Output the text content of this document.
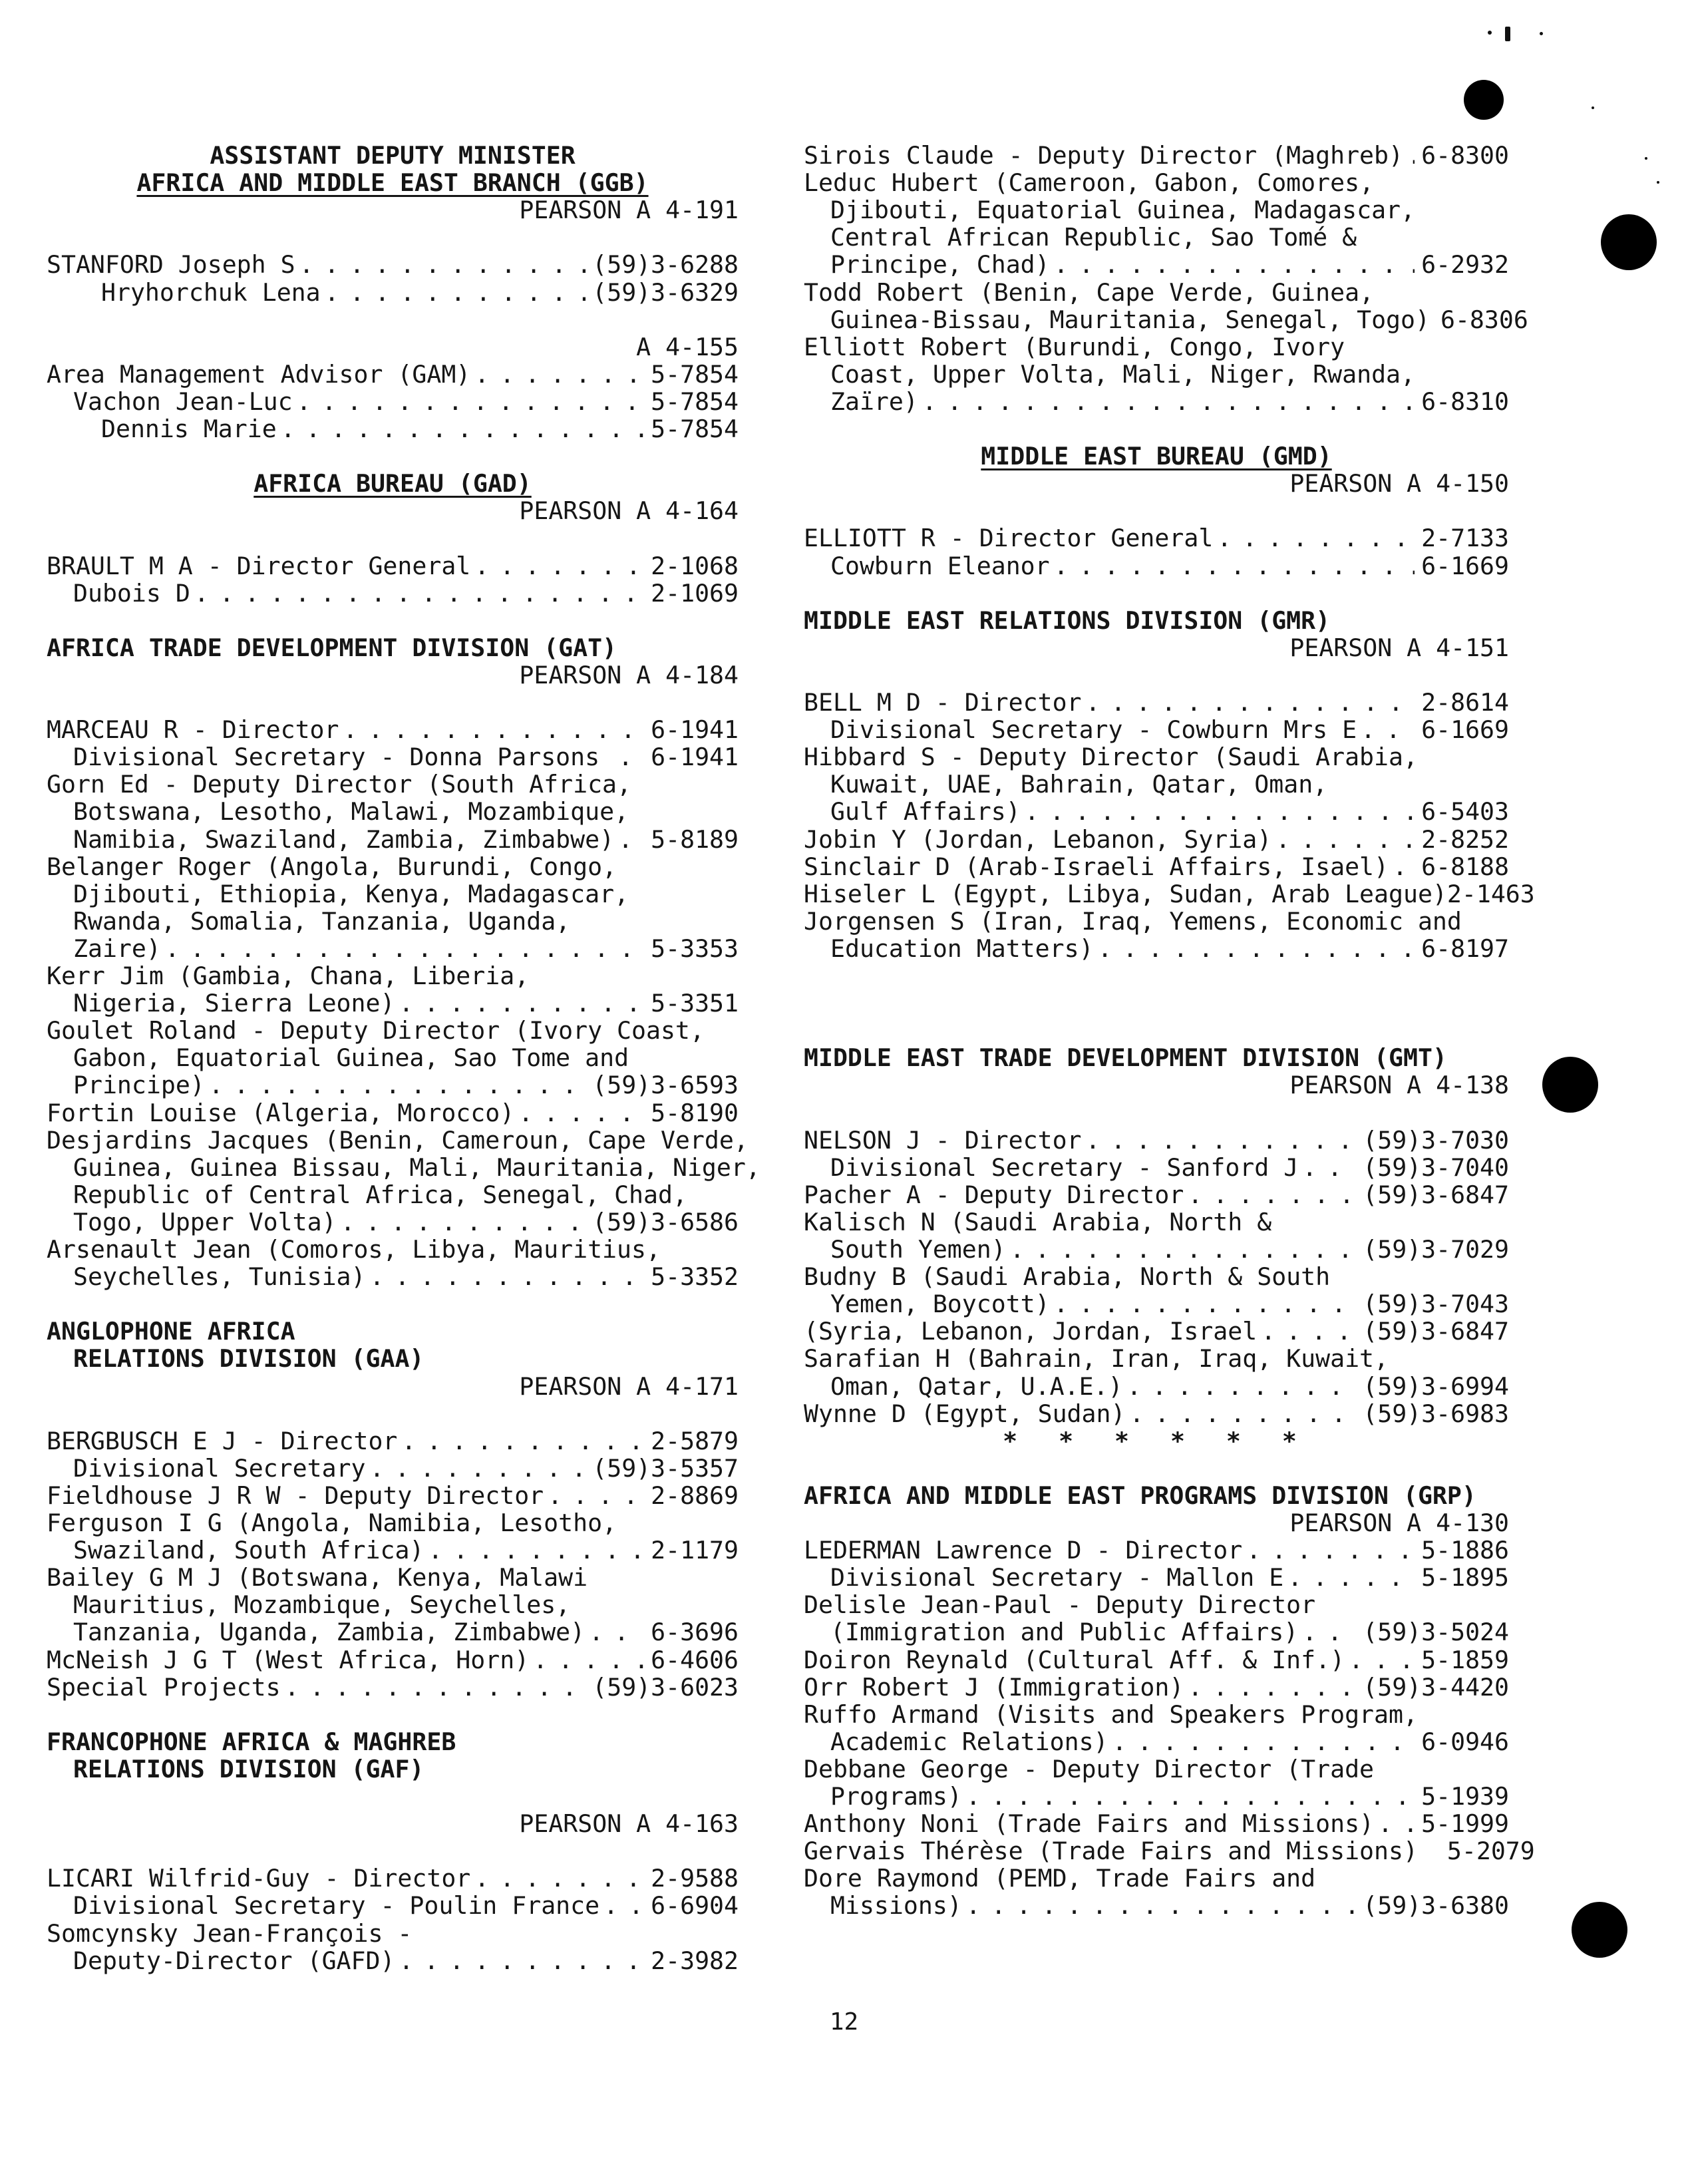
ASSISTANT DEPUTY MINISTER
AFRICA AND MIDDLE EAST BRANCH (GGB)
PEARSON A 4-191
STANFORD Joseph S . . .	(59)3-6288
Hryhorchuk Lena . . .	(59)3-6329
A 4-155
Area Management Advisor (GAM) . . .	5-7854
Vachon Jean-Luc . . .	5-7854
Dennis Marie . . .	5-7854
AFRICA BUREAU (GAD)
PEARSON A 4-164
BRAULT M A - Director General . . .	2-1068
Dubois D . . .	2-1069
AFRICA TRADE DEVELOPMENT DIVISION (GAT)
PEARSON A 4-184
MARCEAU R - Director . . .	6-1941
Divisional Secretary - Donna Parsons . . . 6-1941
Gorn Ed - Deputy Director (South Africa,
Botswana, Lesotho, Malawi, Mozambique,
Namibia, Swaziland, Zambia, Zimbabwe) . . . 5-8189
Belanger Roger (Angola, Burundi, Congo,
Djibouti, Ethiopia, Kenya, Madagascar,
Rwanda, Somalia, Tanzania, Uganda,
Zaire) . . .	5-3353
Kerr Jim (Gambia, Chana, Liberia,
Nigeria, Sierra Leone) . . .	5-3351
Goulet Roland - Deputy Director (Ivory Coast,
Gabon, Equatorial Guinea, Sao Tome and
Principe) . . .	(59)3-6593
Fortin Louise (Algeria, Morocco) . . .	5-8190
Desjardins Jacques (Benin, Cameroun, Cape Verde,
Guinea, Guinea Bissau, Mali, Mauritania, Niger,
Republic of Central Africa, Senegal, Chad,
Togo, Upper Volta) . . .	(59)3-6586
Arsenault Jean (Comoros, Libya, Mauritius,
Seychelles, Tunisia) . . .	5-3352
ANGLOPHONE AFRICA
RELATIONS DIVISION (GAA)
PEARSON A 4-171
BERGBUSCH E J - Director . . .	2-5879
Divisional Secretary . . .	(59)3-5357
Fieldhouse J R W - Deputy Director . . .	2-8869
Ferguson I G (Angola, Namibia, Lesotho,
Swaziland, South Africa) . . .	2-1179
Bailey G M J (Botswana, Kenya, Malawi
Mauritius, Mozambique, Seychelles,
Tanzania, Uganda, Zambia, Zimbabwe) . . .	6-3696
McNeish J G T (West Africa, Horn) . . .	6-4606
Special Projects . . .	(59)3-6023
FRANCOPHONE AFRICA & MAGHREB
RELATIONS DIVISION (GAF)
PEARSON A 4-163
LICARI Wilfrid-Guy - Director . . .	2-9588
Divisional Secretary - Poulin France . . . 6-6904
Somcynsky Jean-François -
Deputy-Director (GAFD) . . .	2-3982
Sirois Claude - Deputy Director (Maghreb) . . . 6-8300
Leduc Hubert (Cameroon, Gabon, Comores,
Djibouti, Equatorial Guinea, Madagascar,
Central African Republic, Sao Tomé &
Principe, Chad) . . .	6-2932
Todd Robert (Benin, Cape Verde, Guinea,
Guinea-Bissau, Mauritania, Senegal, Togo) . . . 6-8306
Elliott Robert (Burundi, Congo, Ivory
Coast, Upper Volta, Mali, Niger, Rwanda,
Zaïre) . . .	6-8310
MIDDLE EAST BUREAU (GMD)
PEARSON A 4-150
ELLIOTT R - Director General . . .	2-7133
Cowburn Eleanor . . .	6-1669
MIDDLE EAST RELATIONS DIVISION (GMR)
PEARSON A 4-151
BELL M D - Director . . .	2-8614
Divisional Secretary - Cowburn Mrs E . . .	6-1669
Hibbard S - Deputy Director (Saudi Arabia,
Kuwait, UAE, Bahrain, Qatar, Oman,
Gulf Affairs) . . .	6-5403
Jobin Y (Jordan, Lebanon, Syria) . . .	2-8252
Sinclair D (Arab-Israeli Affairs, Isael) . . . 6-8188
Hiseler L (Egypt, Libya, Sudan, Arab League)2-1463
Jorgensen S (Iran, Iraq, Yemens, Economic and
Education Matters) . . .	6-8197
MIDDLE EAST TRADE DEVELOPMENT DIVISION (GMT)
PEARSON A 4-138
NELSON J - Director . . .	(59)3-7030
Divisional Secretary - Sanford J . . .	(59)3-7040
Pacher A - Deputy Director . . .	(59)3-6847
Kalisch N (Saudi Arabia, North &
South Yemen) . . .	(59)3-7029
Budny B (Saudi Arabia, North & South
Yemen, Boycott) . . .	(59)3-7043
(Syria, Lebanon, Jordan, Israel . . .	(59)3-6847
Sarafian H (Bahrain, Iran, Iraq, Kuwait,
Oman, Qatar, U.A.E.) . . .	(59)3-6994
Wynne D (Egypt, Sudan) . . .	(59)3-6983
* * * * * *
AFRICA AND MIDDLE EAST PROGRAMS DIVISION (GRP)
PEARSON A 4-130
LEDERMAN Lawrence D - Director . . .	5-1886
Divisional Secretary - Mallon E . . .	5-1895
Delisle Jean-Paul - Deputy Director
(Immigration and Public Affairs) . . .	(59)3-5024
Doiron Reynald (Cultural Aff. & Inf.) . . .	5-1859
Orr Robert J (Immigration) . . .	(59)3-4420
Ruffo Armand (Visits and Speakers Program,
Academic Relations) . . .	6-0946
Debbane George - Deputy Director (Trade
Programs) . . .	5-1939
Anthony Noni (Trade Fairs and Missions) . . . 5-1999
Gervais Thérèse (Trade Fairs and Missions)  5-2079
Dore Raymond (PEMD, Trade Fairs and
Missions) . . .	(59)3-6380
12
